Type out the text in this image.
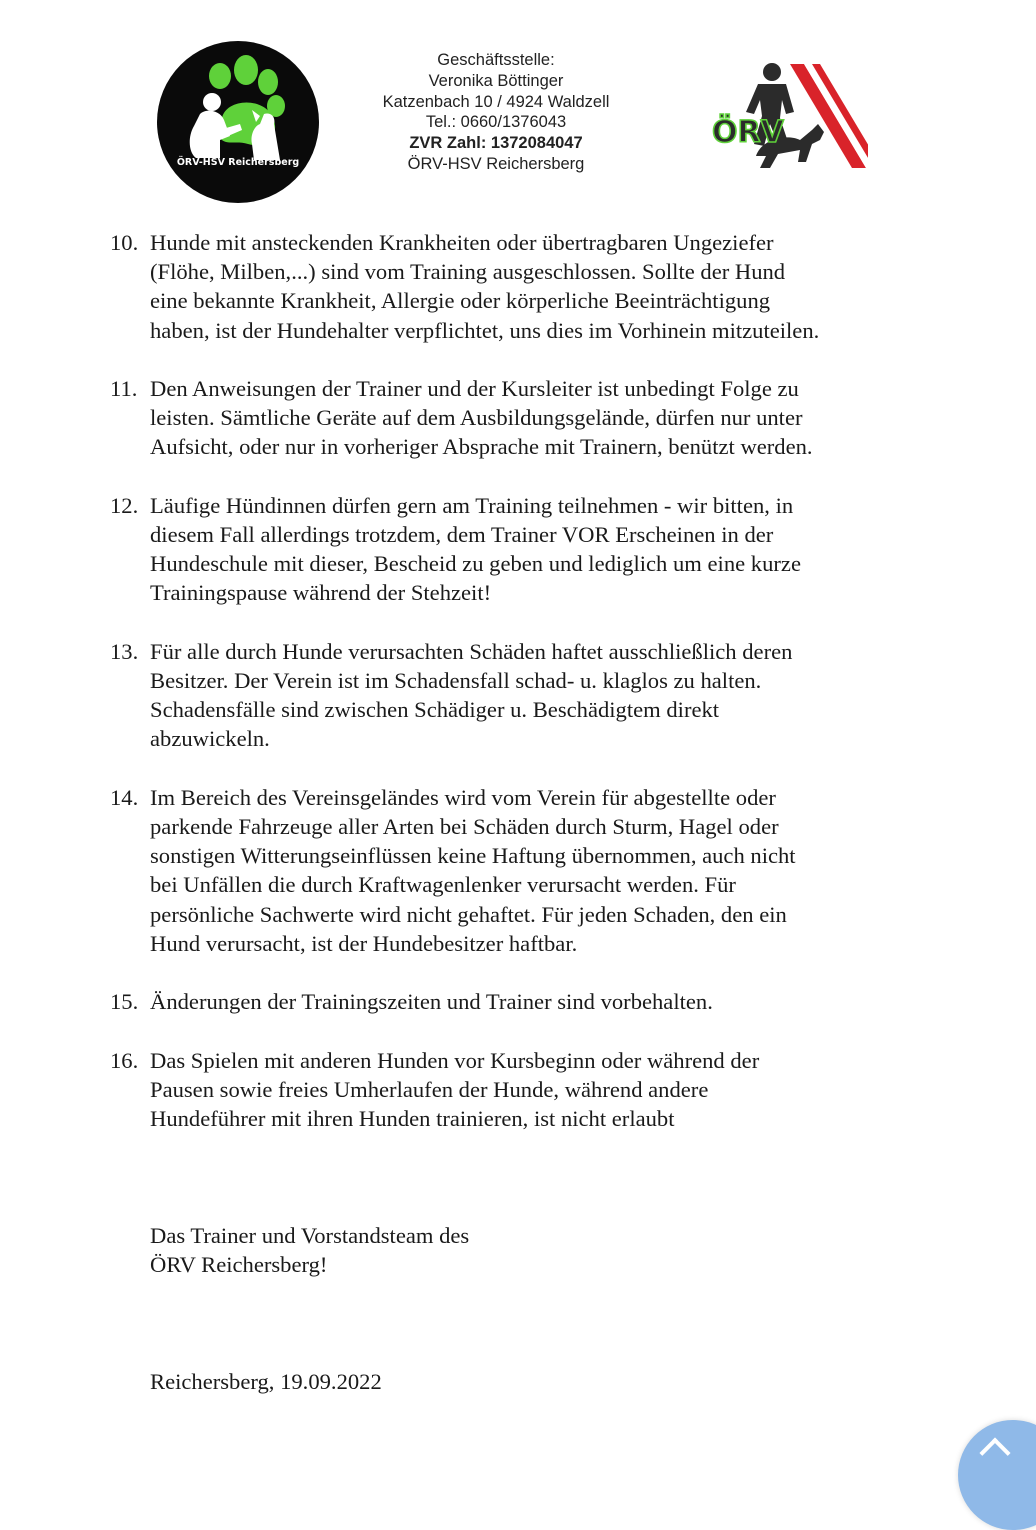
ÖRV-HSV Reichersberg
Geschäftsstelle:
Veronika Böttinger
Katzenbach 10 / 4924 Waldzell
Tel.: 0660/1376043
ZVR Zahl: 1372084047
ÖRV-HSV Reichersberg
ÖRV
10. Hunde mit ansteckenden Krankheiten oder übertragbaren Ungeziefer
(Flöhe, Milben,...) sind vom Training ausgeschlossen. Sollte der Hund
eine bekannte Krankheit, Allergie oder körperliche Beeinträchtigung
haben, ist der Hundehalter verpflichtet, uns dies im Vorhinein mitzuteilen.
11. Den Anweisungen der Trainer und der Kursleiter ist unbedingt Folge zu
leisten. Sämtliche Geräte auf dem Ausbildungsgelände, dürfen nur unter
Aufsicht, oder nur in vorheriger Absprache mit Trainern, benützt werden.
12. Läufige Hündinnen dürfen gern am Training teilnehmen - wir bitten, in
diesem Fall allerdings trotzdem, dem Trainer VOR Erscheinen in der
Hundeschule mit dieser, Bescheid zu geben und lediglich um eine kurze
Trainingspause während der Stehzeit!
13. Für alle durch Hunde verursachten Schäden haftet ausschließlich deren
Besitzer. Der Verein ist im Schadensfall schad- u. klaglos zu halten.
Schadensfälle sind zwischen Schädiger u. Beschädigtem direkt
abzuwickeln.
14. Im Bereich des Vereinsgeländes wird vom Verein für abgestellte oder
parkende Fahrzeuge aller Arten bei Schäden durch Sturm, Hagel oder
sonstigen Witterungseinflüssen keine Haftung übernommen, auch nicht
bei Unfällen die durch Kraftwagenlenker verursacht werden. Für
persönliche Sachwerte wird nicht gehaftet. Für jeden Schaden, den ein
Hund verursacht, ist der Hundebesitzer haftbar.
15. Änderungen der Trainingszeiten und Trainer sind vorbehalten.
16. Das Spielen mit anderen Hunden vor Kursbeginn oder während der
Pausen sowie freies Umherlaufen der Hunde, während andere
Hundeführer mit ihren Hunden trainieren, ist nicht erlaubt
Das Trainer und Vorstandsteam des
ÖRV Reichersberg!
Reichersberg, 19.09.2022
